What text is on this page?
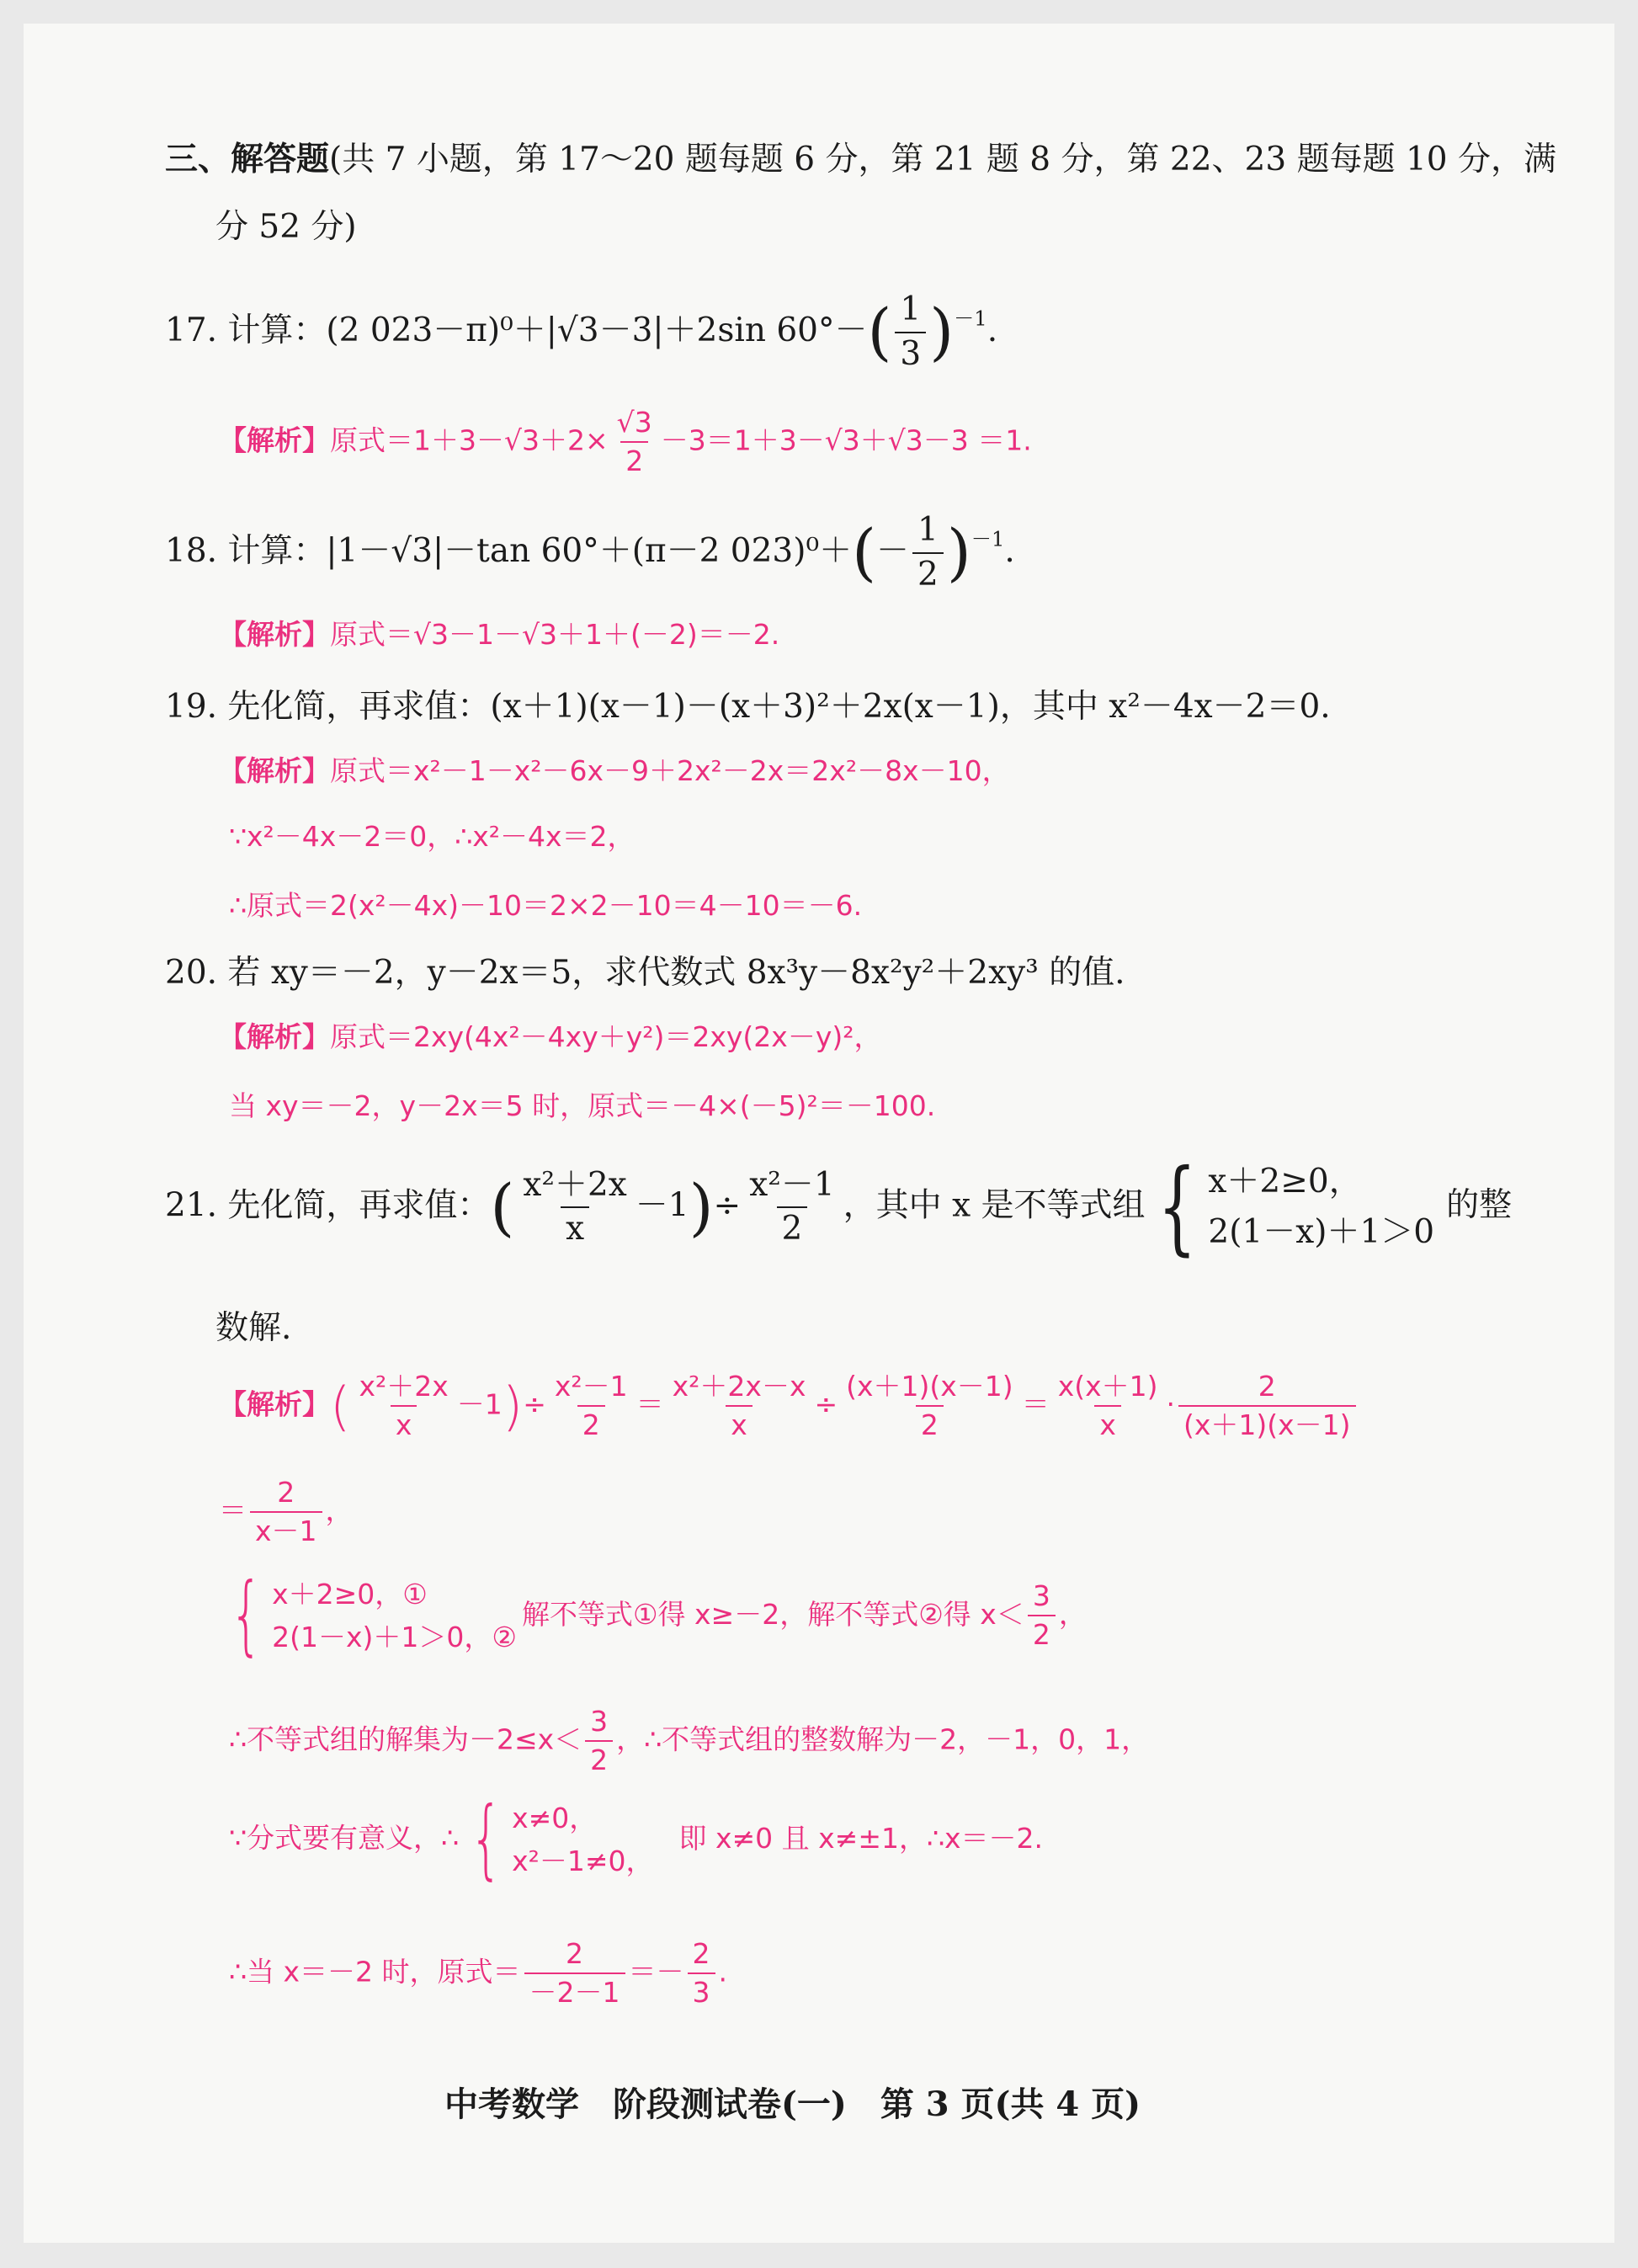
三、解答题(共 7 小题，第 17～20 题每题 6 分，第 21 题 8 分，第 22、23 题每题 10 分，满
分 52 分)
17. 计算：(2 023－π)⁰＋|√3－3|＋2sin $60^\circ-( \frac{1}{3} )^{-1}$.
【解析】原式$=1+3-√3+2\times \frac{√3}{2} -3=1+3-√3+√3-3 =1$.
18. 计算：|1－√3|－tan 60°＋(π－2 $023)^0+(- \frac{1}{2} )^{-1}$.
【解析】原式＝√3－1－√3＋1＋(－2)＝－2.
19. 先化简，再求值：(x＋1)(x－1)－(x＋3)²＋2x(x－1)，其中 x²－4x－2＝0.
【解析】原式＝x²－1－x²－6x－9＋2x²－2x＝2x²－8x－10，
∵x²－4x－2＝0，∴x²－4x＝2，
∴原式＝2(x²－4x)－10＝2×2－10＝4－10＝－6.
20. 若 xy＝－2，y－2x＝5，求代数式 8x³y－8x²y²＋2xy³ 的值.
【解析】原式＝2xy(4x²－4xy＋y²)＝2xy(2x－y)²，
当 xy＝－2，y－2x＝5 时，原式＝－4×(－5)²＝－100.
21. 先化简，再求值：( $\frac{\text{x²＋2x}}{x} -1)\div \frac{\text{x²－1}}{2}$ ，其中 x 是不等式组 { x＋2≥0，
2(1－x)＋1＞0
的整
数解.
【解析】( $\frac{\text{x²＋2x}}{x} -1)\div \frac{\text{x²－1}}{2} = \frac{\text{x²＋2x－x}}{x} \div \frac{(x+1)(x-1)}{2} = \frac{x(x+1)}{x} \cdot \frac{2}{(x+1)(x-1)}$
＝ $\frac{2}{x-1}$ ，
{ x＋2≥0，①
2(1－x)＋1＞0，②
解不等式①得 x≥－2，解不等式②得 $x< \frac{3}{2}$ ，
∴不等式组的解集为$-2\le x< \frac{3}{2}$ ，∴不等式组的整数解为－2，－1，0，1，
∵分式要有意义，∴ { x≠0，
x²－1≠0，
即 x≠0 且 x≠±1，∴x＝－2.
∴当 x＝－2 时，原式＝ $\frac{2}{-2-1} =- \frac{2}{3}$ .
中考数学　阶段测试卷(一)　第 3 页(共 4 页)
